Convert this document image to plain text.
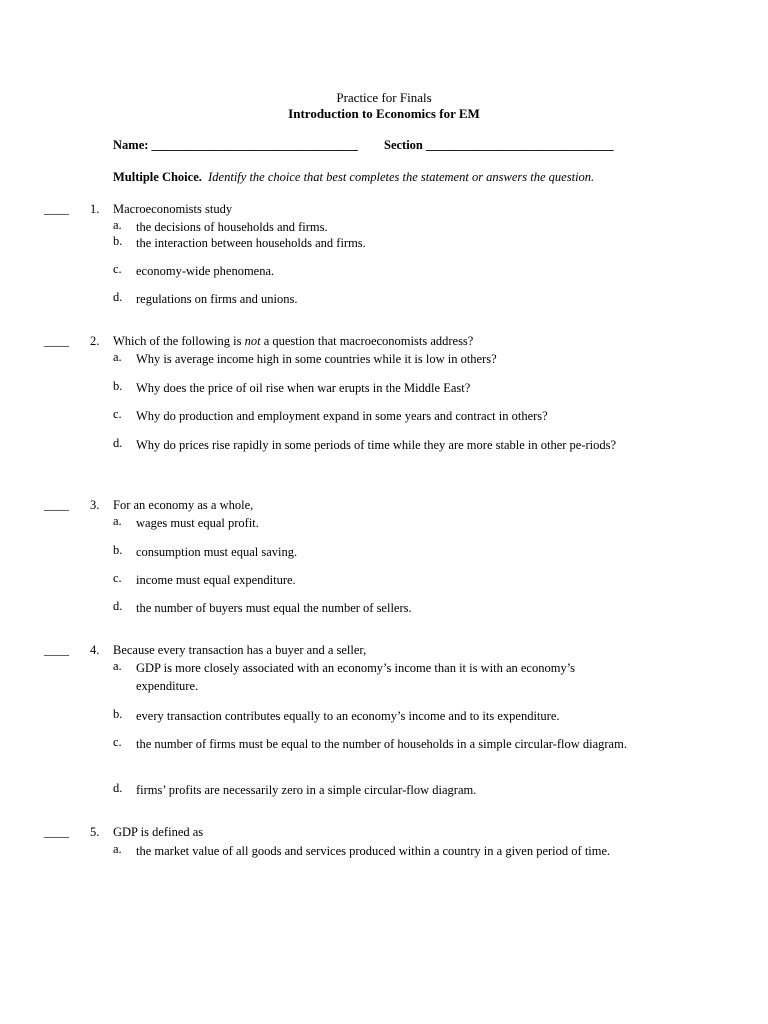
Practice for Finals
Introduction to Economics for EM
Name: _________________________________ Section ______________________________
Multiple Choice. Identify the choice that best completes the statement or answers the question.
____ 1. Macroeconomists study
a. the decisions of households and firms.
b. the interaction between households and firms.
c. economy-wide phenomena.
d. regulations on firms and unions.
____ 2. Which of the following is not a question that macroeconomists address?
a. Why is average income high in some countries while it is low in others?
b. Why does the price of oil rise when war erupts in the Middle East?
c. Why do production and employment expand in some years and contract in others?
d. Why do prices rise rapidly in some periods of time while they are more stable in other pe-riods?
____ 3. For an economy as a whole,
a. wages must equal profit.
b. consumption must equal saving.
c. income must equal expenditure.
d. the number of buyers must equal the number of sellers.
____ 4. Because every transaction has a buyer and a seller,
a. GDP is more closely associated with an economy’s income than it is with an economy’s expenditure.
b. every transaction contributes equally to an economy’s income and to its expenditure.
c. the number of firms must be equal to the number of households in a simple circular-flow diagram.
d. firms’ profits are necessarily zero in a simple circular-flow diagram.
____ 5. GDP is defined as
a. the market value of all goods and services produced within a country in a given period of time.
